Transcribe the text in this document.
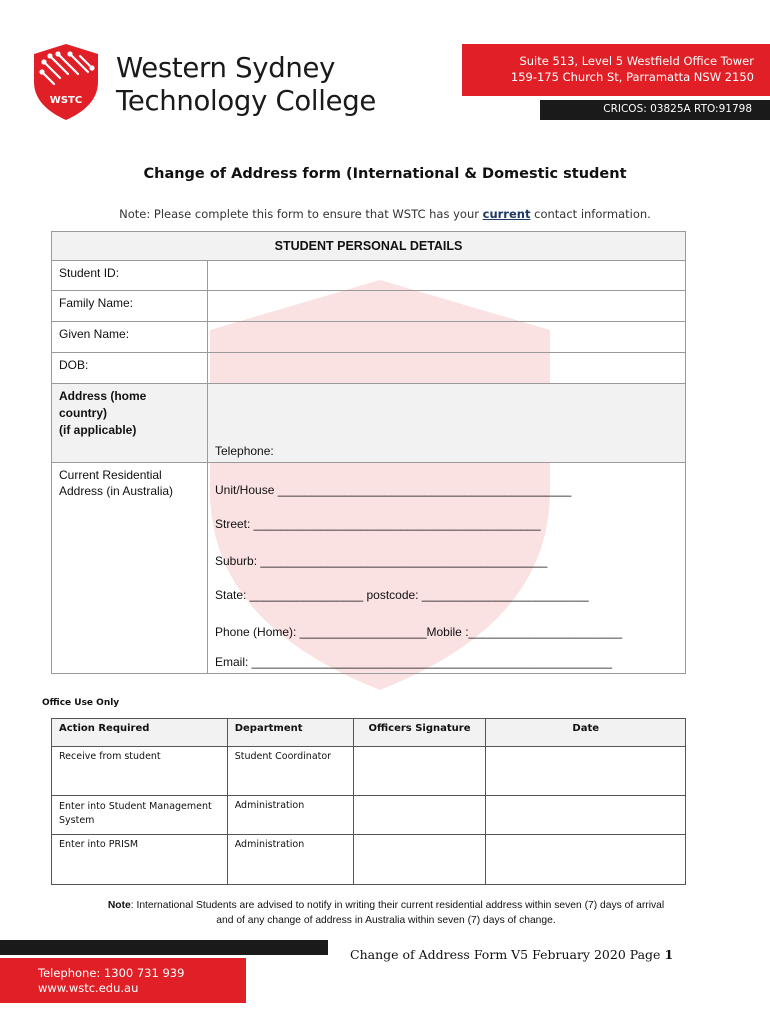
WSTC
Western Sydney
Technology College
Suite 513, Level 5 Westfield Office Tower
159-175 Church St, Parramatta NSW 2150
CRICOS: 03825A RTO:91798
Change of Address form (International & Domestic student
Note: Please complete this form to ensure that WSTC has your current contact information.
STUDENT PERSONAL DETAILS
Student ID:
Family Name:
Given Name:
DOB:
Address (home
country)
(if applicable)
Telephone:
Current Residential
Address (in Australia)	Unit/House ____________________________________________
Street: ___________________________________________
Suburb: ___________________________________________
State: _________________ postcode: _________________________
Phone (Home): ___________________Mobile :_______________________
Email: ______________________________________________________
Office Use Only
Action Required	Department	Officers Signature	Date
Receive from student	Student Coordinator		
Enter into Student Management System	Administration		
Enter into PRISM	Administration		
Note: International Students are advised to notify in writing their current residential address within seven (7) days of arrival
and of any change of address in Australia within seven (7) days of change.
Change of Address Form V5 February 2020 Page 1
Telephone: 1300 731 939
www.wstc.edu.au
